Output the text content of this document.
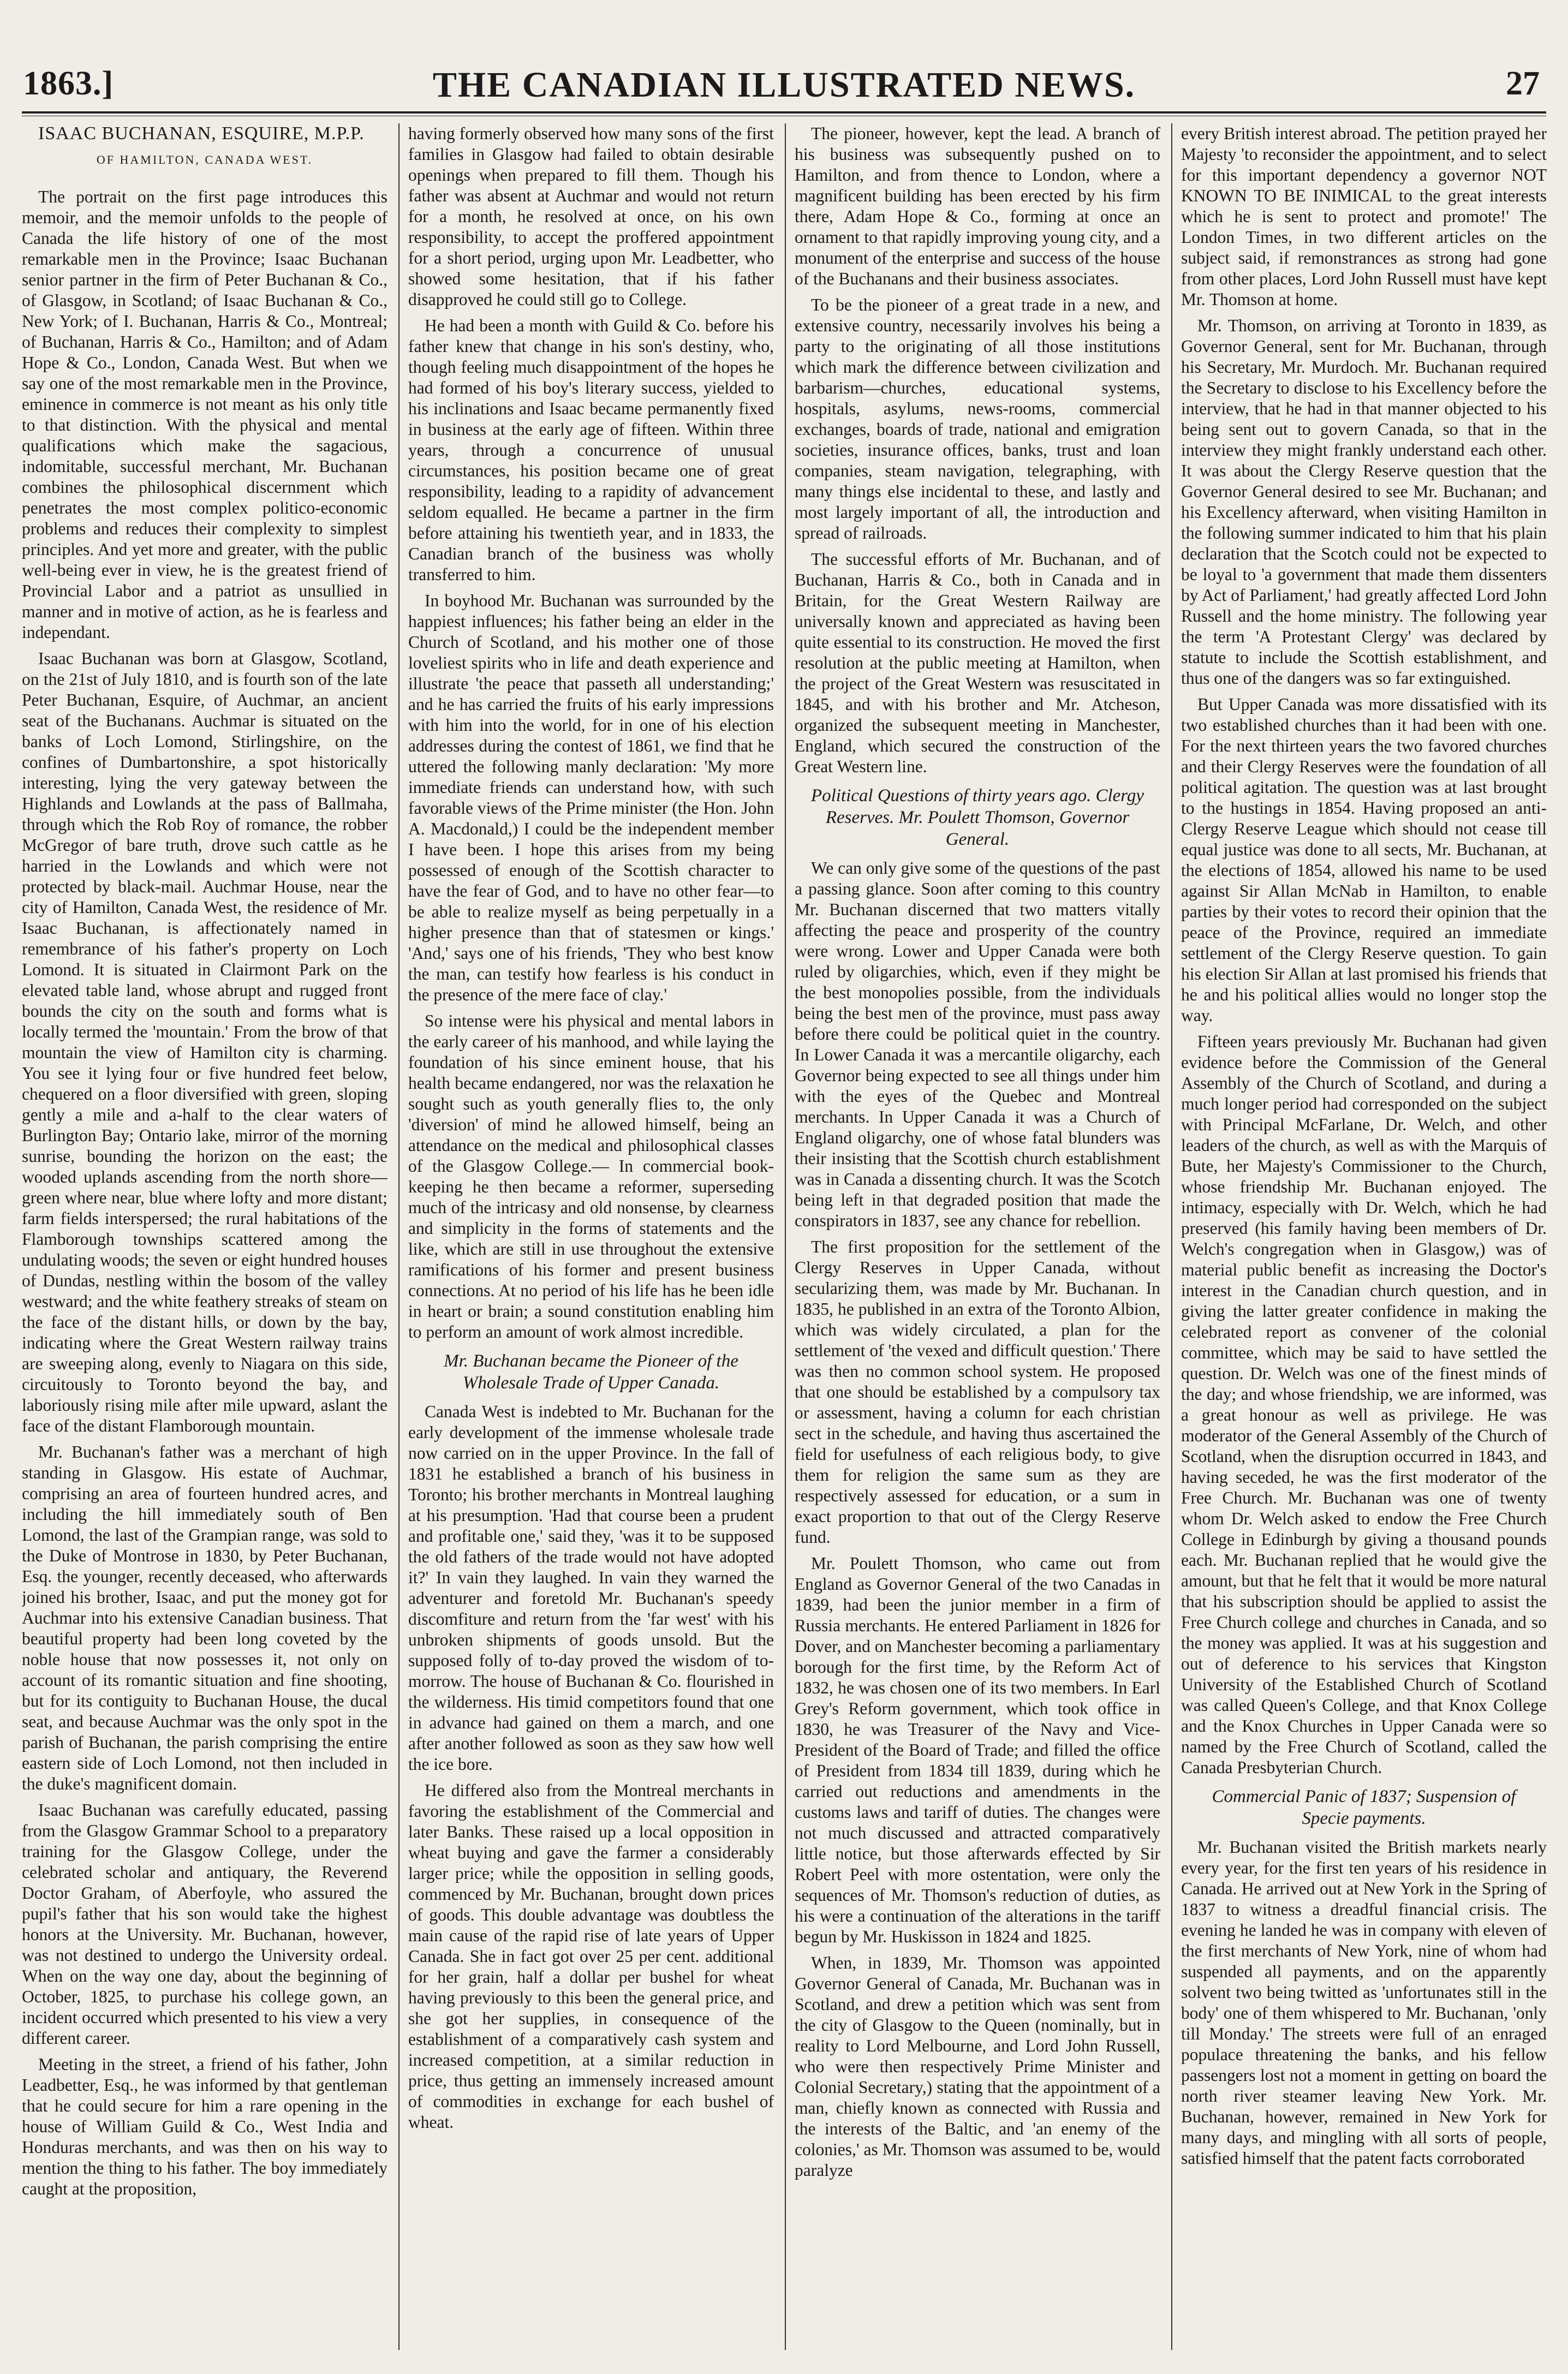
1863.]	THE CANADIAN ILLUSTRATED NEWS.	27

ISAAC BUCHANAN, ESQUIRE, M.P.P.

OF HAMILTON, CANADA WEST.

The portrait on the first page introduces this memoir, and the memoir unfolds to the people of Canada the life history of one of the most remarkable men in the Province; Isaac Buchanan senior partner in the firm of Peter Buchanan & Co., of Glasgow, in Scotland; of Isaac Buchanan & Co., New York; of I. Buchanan, Harris & Co., Montreal; of Buchanan, Harris & Co., Hamilton; and of Adam Hope & Co., London, Canada West. But when we say one of the most remarkable men in the Province, eminence in commerce is not meant as his only title to that distinction. With the physical and mental qualifications which make the sagacious, indomitable, successful merchant, Mr. Buchanan combines the philosophical discernment which penetrates the most complex politico-economic problems and reduces their complexity to simplest principles. And yet more and greater, with the public well-being ever in view, he is the greatest friend of Provincial Labor and a patriot as unsullied in manner and in motive of action, as he is fearless and independant.

Isaac Buchanan was born at Glasgow, Scotland, on the 21st of July 1810, and is fourth son of the late Peter Buchanan, Esquire, of Auchmar, an ancient seat of the Buchanans. Auchmar is situated on the banks of Loch Lomond, Stirlingshire, on the confines of Dumbartonshire, a spot historically interesting, lying the very gateway between the Highlands and Lowlands at the pass of Ballmaha, through which the Rob Roy of romance, the robber McGregor of bare truth, drove such cattle as he harried in the Lowlands and which were not protected by black-mail. Auchmar House, near the city of Hamilton, Canada West, the residence of Mr. Isaac Buchanan, is affectionately named in remembrance of his father's property on Loch Lomond. It is situated in Clairmont Park on the elevated table land, whose abrupt and rugged front bounds the city on the south and forms what is locally termed the 'mountain.' From the brow of that mountain the view of Hamilton city is charming. You see it lying four or five hundred feet below, chequered on a floor diversified with green, sloping gently a mile and a-half to the clear waters of Burlington Bay; Ontario lake, mirror of the morning sunrise, bounding the horizon on the east; the wooded uplands ascending from the north shore—green where near, blue where lofty and more distant; farm fields interspersed; the rural habitations of the Flamborough townships scattered among the undulating woods; the seven or eight hundred houses of Dundas, nestling within the bosom of the valley westward; and the white feathery streaks of steam on the face of the distant hills, or down by the bay, indicating where the Great Western railway trains are sweeping along, evenly to Niagara on this side, circuitously to Toronto beyond the bay, and laboriously rising mile after mile upward, aslant the face of the distant Flamborough mountain.

Mr. Buchanan's father was a merchant of high standing in Glasgow. His estate of Auchmar, comprising an area of fourteen hundred acres, and including the hill immediately south of Ben Lomond, the last of the Grampian range, was sold to the Duke of Montrose in 1830, by Peter Buchanan, Esq. the younger, recently deceased, who afterwards joined his brother, Isaac, and put the money got for Auchmar into his extensive Canadian business. That beautiful property had been long coveted by the noble house that now possesses it, not only on account of its romantic situation and fine shooting, but for its contiguity to Buchanan House, the ducal seat, and because Auchmar was the only spot in the parish of Buchanan, the parish comprising the entire eastern side of Loch Lomond, not then included in the duke's magnificent domain.

Isaac Buchanan was carefully educated, passing from the Glasgow Grammar School to a preparatory training for the Glasgow College, under the celebrated scholar and antiquary, the Reverend Doctor Graham, of Aberfoyle, who assured the pupil's father that his son would take the highest honors at the University. Mr. Buchanan, however, was not destined to undergo the University ordeal. When on the way one day, about the beginning of October, 1825, to purchase his college gown, an incident occurred which presented to his view a very different career.

Meeting in the street, a friend of his father, John Leadbetter, Esq., he was informed by that gentleman that he could secure for him a rare opening in the house of William Guild & Co., West India and Honduras merchants, and was then on his way to mention the thing to his father. The boy immediately caught at the proposition,

having formerly observed how many sons of the first families in Glasgow had failed to obtain desirable openings when prepared to fill them. Though his father was absent at Auchmar and would not return for a month, he resolved at once, on his own responsibility, to accept the proffered appointment for a short period, urging upon Mr. Leadbetter, who showed some hesitation, that if his father disapproved he could still go to College.

He had been a month with Guild & Co. before his father knew that change in his son's destiny, who, though feeling much disappointment of the hopes he had formed of his boy's literary success, yielded to his inclinations and Isaac became permanently fixed in business at the early age of fifteen. Within three years, through a concurrence of unusual circumstances, his position became one of great responsibility, leading to a rapidity of advancement seldom equalled. He became a partner in the firm before attaining his twentieth year, and in 1833, the Canadian branch of the business was wholly transferred to him.

In boyhood Mr. Buchanan was surrounded by the happiest influences; his father being an elder in the Church of Scotland, and his mother one of those loveliest spirits who in life and death experience and illustrate 'the peace that passeth all understanding;' and he has carried the fruits of his early impressions with him into the world, for in one of his election addresses during the contest of 1861, we find that he uttered the following manly declaration: 'My more immediate friends can understand how, with such favorable views of the Prime minister (the Hon. John A. Macdonald,) I could be the independent member I have been. I hope this arises from my being possessed of enough of the Scottish character to have the fear of God, and to have no other fear—to be able to realize myself as being perpetually in a higher presence than that of statesmen or kings.' 'And,' says one of his friends, 'They who best know the man, can testify how fearless is his conduct in the presence of the mere face of clay.'

So intense were his physical and mental labors in the early career of his manhood, and while laying the foundation of his since eminent house, that his health became endangered, nor was the relaxation he sought such as youth generally flies to, the only 'diversion' of mind he allowed himself, being an attendance on the medical and philosophical classes of the Glasgow College.— In commercial book-keeping he then became a reformer, superseding much of the intricasy and old nonsense, by clearness and simplicity in the forms of statements and the like, which are still in use throughout the extensive ramifications of his former and present business connections. At no period of his life has he been idle in heart or brain; a sound constitution enabling him to perform an amount of work almost incredible.

Mr. Buchanan became the Pioneer of the Wholesale Trade of Upper Canada.

Canada West is indebted to Mr. Buchanan for the early development of the immense wholesale trade now carried on in the upper Province. In the fall of 1831 he established a branch of his business in Toronto; his brother merchants in Montreal laughing at his presumption. 'Had that course been a prudent and profitable one,' said they, 'was it to be supposed the old fathers of the trade would not have adopted it?' In vain they laughed. In vain they warned the adventurer and foretold Mr. Buchanan's speedy discomfiture and return from the 'far west' with his unbroken shipments of goods unsold. But the supposed folly of to-day proved the wisdom of to-morrow. The house of Buchanan & Co. flourished in the wilderness. His timid competitors found that one in advance had gained on them a march, and one after another followed as soon as they saw how well the ice bore.

He differed also from the Montreal merchants in favoring the establishment of the Commercial and later Banks. These raised up a local opposition in wheat buying and gave the farmer a considerably larger price; while the opposition in selling goods, commenced by Mr. Buchanan, brought down prices of goods. This double advantage was doubtless the main cause of the rapid rise of late years of Upper Canada. She in fact got over 25 per cent. additional for her grain, half a dollar per bushel for wheat having previously to this been the general price, and she got her supplies, in consequence of the establishment of a comparatively cash system and increased competition, at a similar reduction in price, thus getting an immensely increased amount of commodities in exchange for each bushel of wheat.

The pioneer, however, kept the lead. A branch of his business was subsequently pushed on to Hamilton, and from thence to London, where a magnificent building has been erected by his firm there, Adam Hope & Co., forming at once an ornament to that rapidly improving young city, and a monument of the enterprise and success of the house of the Buchanans and their business associates.

To be the pioneer of a great trade in a new, and extensive country, necessarily involves his being a party to the originating of all those institutions which mark the difference between civilization and barbarism—churches, educational systems, hospitals, asylums, news-rooms, commercial exchanges, boards of trade, national and emigration societies, insurance offices, banks, trust and loan companies, steam navigation, telegraphing, with many things else incidental to these, and lastly and most largely important of all, the introduction and spread of railroads.

The successful efforts of Mr. Buchanan, and of Buchanan, Harris & Co., both in Canada and in Britain, for the Great Western Railway are universally known and appreciated as having been quite essential to its construction. He moved the first resolution at the public meeting at Hamilton, when the project of the Great Western was resuscitated in 1845, and with his brother and Mr. Atcheson, organized the subsequent meeting in Manchester, England, which secured the construction of the Great Western line.

Political Questions of thirty years ago. Clergy Reserves. Mr. Poulett Thomson, Governor General.

We can only give some of the questions of the past a passing glance. Soon after coming to this country Mr. Buchanan discerned that two matters vitally affecting the peace and prosperity of the country were wrong. Lower and Upper Canada were both ruled by oligarchies, which, even if they might be the best monopolies possible, from the individuals being the best men of the province, must pass away before there could be political quiet in the country. In Lower Canada it was a mercantile oligarchy, each Governor being expected to see all things under him with the eyes of the Quebec and Montreal merchants. In Upper Canada it was a Church of England oligarchy, one of whose fatal blunders was their insisting that the Scottish church establishment was in Canada a dissenting church. It was the Scotch being left in that degraded position that made the conspirators in 1837, see any chance for rebellion.

The first proposition for the settlement of the Clergy Reserves in Upper Canada, without secularizing them, was made by Mr. Buchanan. In 1835, he published in an extra of the Toronto Albion, which was widely circulated, a plan for the settlement of 'the vexed and difficult question.' There was then no common school system. He proposed that one should be established by a compulsory tax or assessment, having a column for each christian sect in the schedule, and having thus ascertained the field for usefulness of each religious body, to give them for religion the same sum as they are respectively assessed for education, or a sum in exact proportion to that out of the Clergy Reserve fund.

Mr. Poulett Thomson, who came out from England as Governor General of the two Canadas in 1839, had been the junior member in a firm of Russia merchants. He entered Parliament in 1826 for Dover, and on Manchester becoming a parliamentary borough for the first time, by the Reform Act of 1832, he was chosen one of its two members. In Earl Grey's Reform government, which took office in 1830, he was Treasurer of the Navy and Vice-President of the Board of Trade; and filled the office of President from 1834 till 1839, during which he carried out reductions and amendments in the customs laws and tariff of duties. The changes were not much discussed and attracted comparatively little notice, but those afterwards effected by Sir Robert Peel with more ostentation, were only the sequences of Mr. Thomson's reduction of duties, as his were a continuation of the alterations in the tariff begun by Mr. Huskisson in 1824 and 1825.

When, in 1839, Mr. Thomson was appointed Governor General of Canada, Mr. Buchanan was in Scotland, and drew a petition which was sent from the city of Glasgow to the Queen (nominally, but in reality to Lord Melbourne, and Lord John Russell, who were then respectively Prime Minister and Colonial Secretary,) stating that the appointment of a man, chiefly known as connected with Russia and the interests of the Baltic, and 'an enemy of the colonies,' as Mr. Thomson was assumed to be, would paralyze

every British interest abroad. The petition prayed her Majesty 'to reconsider the appointment, and to select for this important dependency a governor NOT KNOWN TO BE INIMICAL to the great interests which he is sent to protect and promote!' The London Times, in two different articles on the subject said, if remonstrances as strong had gone from other places, Lord John Russell must have kept Mr. Thomson at home.

Mr. Thomson, on arriving at Toronto in 1839, as Governor General, sent for Mr. Buchanan, through his Secretary, Mr. Murdoch. Mr. Buchanan required the Secretary to disclose to his Excellency before the interview, that he had in that manner objected to his being sent out to govern Canada, so that in the interview they might frankly understand each other. It was about the Clergy Reserve question that the Governor General desired to see Mr. Buchanan; and his Excellency afterward, when visiting Hamilton in the following summer indicated to him that his plain declaration that the Scotch could not be expected to be loyal to 'a government that made them dissenters by Act of Parliament,' had greatly affected Lord John Russell and the home ministry. The following year the term 'A Protestant Clergy' was declared by statute to include the Scottish establishment, and thus one of the dangers was so far extinguished.

But Upper Canada was more dissatisfied with its two established churches than it had been with one. For the next thirteen years the two favored churches and their Clergy Reserves were the foundation of all political agitation. The question was at last brought to the hustings in 1854. Having proposed an anti-Clergy Reserve League which should not cease till equal justice was done to all sects, Mr. Buchanan, at the elections of 1854, allowed his name to be used against Sir Allan McNab in Hamilton, to enable parties by their votes to record their opinion that the peace of the Province, required an immediate settlement of the Clergy Reserve question. To gain his election Sir Allan at last promised his friends that he and his political allies would no longer stop the way.

Fifteen years previously Mr. Buchanan had given evidence before the Commission of the General Assembly of the Church of Scotland, and during a much longer period had corresponded on the subject with Principal McFarlane, Dr. Welch, and other leaders of the church, as well as with the Marquis of Bute, her Majesty's Commissioner to the Church, whose friendship Mr. Buchanan enjoyed. The intimacy, especially with Dr. Welch, which he had preserved (his family having been members of Dr. Welch's congregation when in Glasgow,) was of material public benefit as increasing the Doctor's interest in the Canadian church question, and in giving the latter greater confidence in making the celebrated report as convener of the colonial committee, which may be said to have settled the question. Dr. Welch was one of the finest minds of the day; and whose friendship, we are informed, was a great honour as well as privilege. He was moderator of the General Assembly of the Church of Scotland, when the disruption occurred in 1843, and having seceded, he was the first moderator of the Free Church. Mr. Buchanan was one of twenty whom Dr. Welch asked to endow the Free Church College in Edinburgh by giving a thousand pounds each. Mr. Buchanan replied that he would give the amount, but that he felt that it would be more natural that his subscription should be applied to assist the Free Church college and churches in Canada, and so the money was applied. It was at his suggestion and out of deference to his services that Kingston University of the Established Church of Scotland was called Queen's College, and that Knox College and the Knox Churches in Upper Canada were so named by the Free Church of Scotland, called the Canada Presbyterian Church.

Commercial Panic of 1837; Suspension of Specie payments.

Mr. Buchanan visited the British markets nearly every year, for the first ten years of his residence in Canada. He arrived out at New York in the Spring of 1837 to witness a dreadful financial crisis. The evening he landed he was in company with eleven of the first merchants of New York, nine of whom had suspended all payments, and on the apparently solvent two being twitted as 'unfortunates still in the body' one of them whispered to Mr. Buchanan, 'only till Monday.' The streets were full of an enraged populace threatening the banks, and his fellow passengers lost not a moment in getting on board the north river steamer leaving New York. Mr. Buchanan, however, remained in New York for many days, and mingling with all sorts of people, satisfied himself that the patent facts corroborated
